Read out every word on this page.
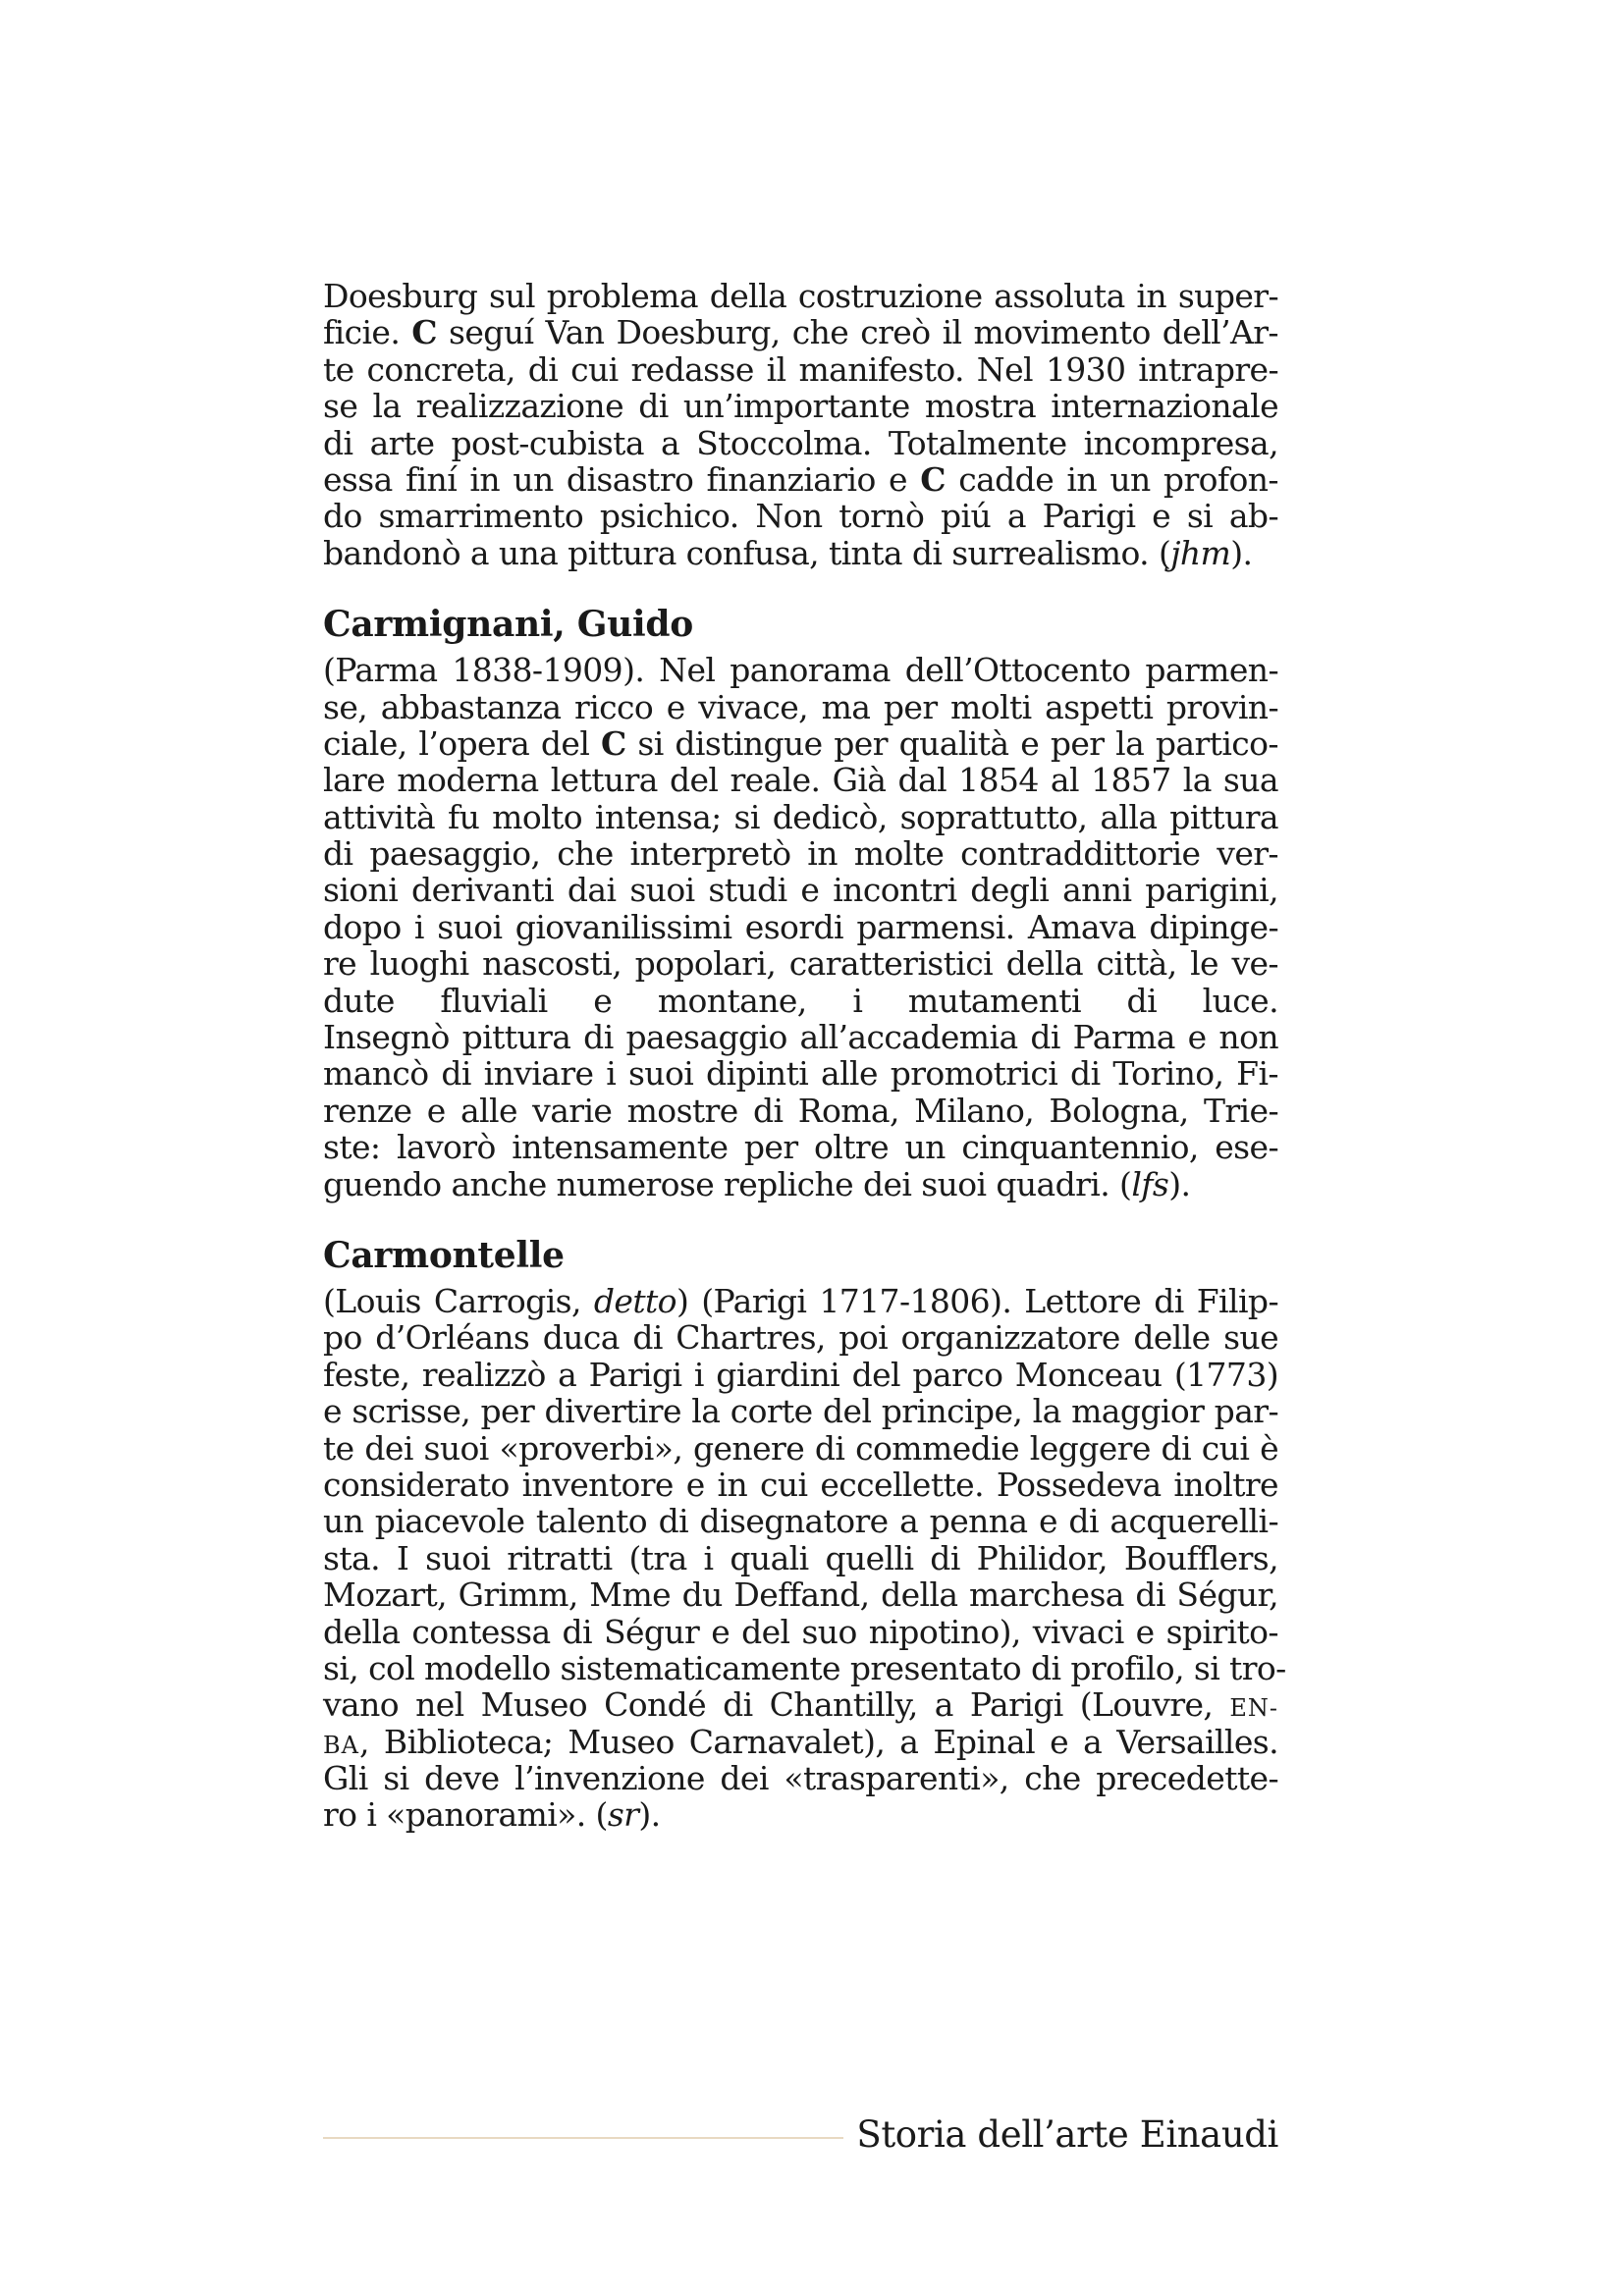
Doesburg sul problema della costruzione assoluta in super-
ficie. C seguí Van Doesburg, che creò il movimento dell’Ar-
te concreta, di cui redasse il manifesto. Nel 1930 intrapre-
se la realizzazione di un’importante mostra internazionale
di arte post-cubista a Stoccolma. Totalmente incompresa,
essa finí in un disastro finanziario e C cadde in un profon-
do smarrimento psichico. Non tornò piú a Parigi e si ab-
bandonò a una pittura confusa, tinta di surrealismo. (jhm).
Carmignani, Guido
(Parma 1838-1909). Nel panorama dell’Ottocento parmen-
se, abbastanza ricco e vivace, ma per molti aspetti provin-
ciale, l’opera del C si distingue per qualità e per la partico-
lare moderna lettura del reale. Già dal 1854 al 1857 la sua
attività fu molto intensa; si dedicò, soprattutto, alla pittura
di paesaggio, che interpretò in molte contraddittorie ver-
sioni derivanti dai suoi studi e incontri degli anni parigini,
dopo i suoi giovanilissimi esordi parmensi. Amava dipinge-
re luoghi nascosti, popolari, caratteristici della città, le ve-
dute fluviali e montane, i mutamenti di luce.
Insegnò pittura di paesaggio all’accademia di Parma e non
mancò di inviare i suoi dipinti alle promotrici di Torino, Fi-
renze e alle varie mostre di Roma, Milano, Bologna, Trie-
ste: lavorò intensamente per oltre un cinquantennio, ese-
guendo anche numerose repliche dei suoi quadri. (lfs).
Carmontelle
(Louis Carrogis, detto) (Parigi 1717-1806). Lettore di Filip-
po d’Orléans duca di Chartres, poi organizzatore delle sue
feste, realizzò a Parigi i giardini del parco Monceau (1773)
e scrisse, per divertire la corte del principe, la maggior par-
te dei suoi «proverbi», genere di commedie leggere di cui è
considerato inventore e in cui eccellette. Possedeva inoltre
un piacevole talento di disegnatore a penna e di acquerelli-
sta. I suoi ritratti (tra i quali quelli di Philidor, Boufflers,
Mozart, Grimm, Mme du Deffand, della marchesa di Ségur,
della contessa di Ségur e del suo nipotino), vivaci e spirito-
si, col modello sistematicamente presentato di profilo, si tro-
vano nel Museo Condé di Chantilly, a Parigi (Louvre, EN-
BA, Biblioteca; Museo Carnavalet), a Epinal e a Versailles.
Gli si deve l’invenzione dei «trasparenti», che precedette-
ro i «panorami». (sr).
Storia dell’arte Einaudi
